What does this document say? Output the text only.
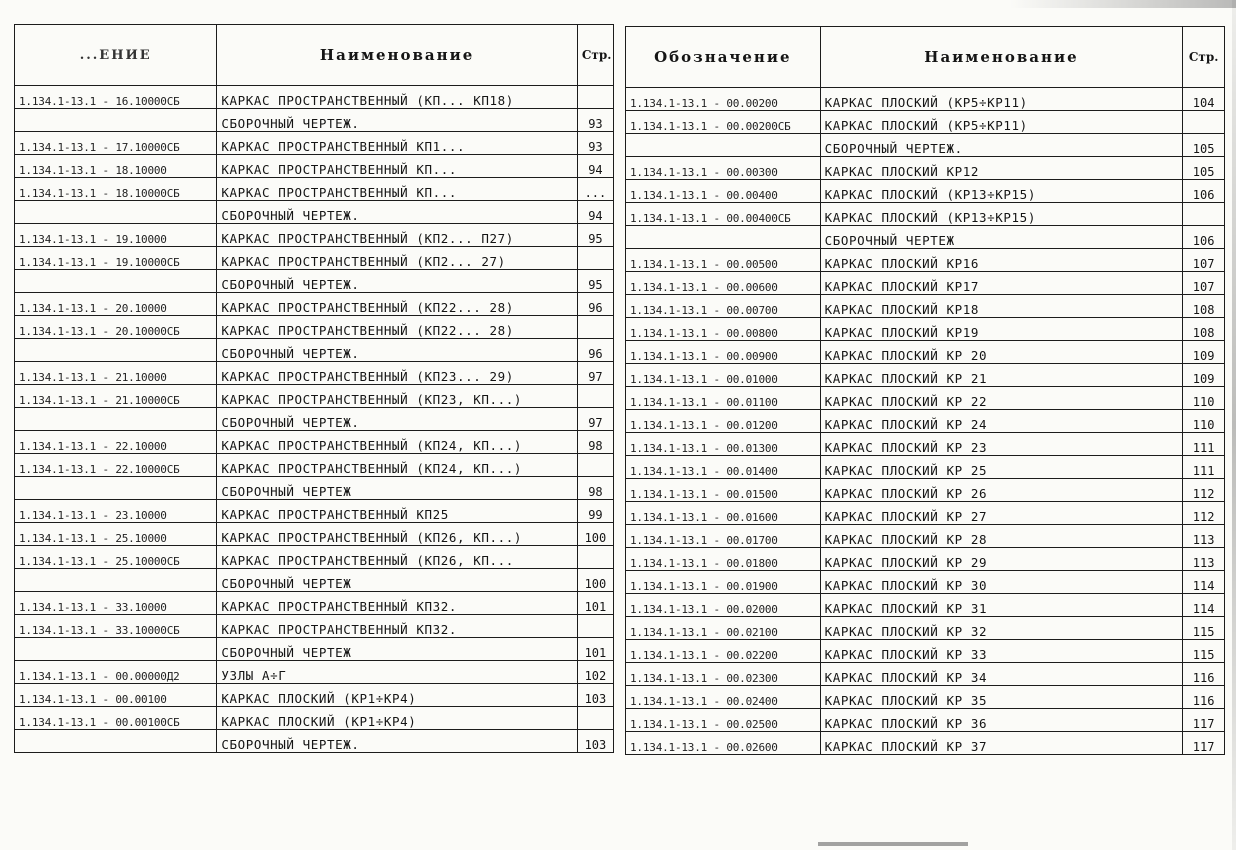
...ЕНИЕ	Наименование	Стр.
1.134.1-13.1 - 16.10000СБ	КАРКАС ПРОСТРАНСТВЕННЫЙ (КП... КП18)	
	СБОРОЧНЫЙ ЧЕРТЕЖ.	93
1.134.1-13.1 - 17.10000СБ	КАРКАС ПРОСТРАНСТВЕННЫЙ КП1...	93
1.134.1-13.1 - 18.10000	КАРКАС ПРОСТРАНСТВЕННЫЙ КП...	94
1.134.1-13.1 - 18.10000СБ	КАРКАС ПРОСТРАНСТВЕННЫЙ КП...	...
	СБОРОЧНЫЙ ЧЕРТЕЖ.	94
1.134.1-13.1 - 19.10000	КАРКАС ПРОСТРАНСТВЕННЫЙ (КП2... П27)	95
1.134.1-13.1 - 19.10000СБ	КАРКАС ПРОСТРАНСТВЕННЫЙ (КП2... 27)	
	СБОРОЧНЫЙ ЧЕРТЕЖ.	95
1.134.1-13.1 - 20.10000	КАРКАС ПРОСТРАНСТВЕННЫЙ (КП22... 28)	96
1.134.1-13.1 - 20.10000СБ	КАРКАС ПРОСТРАНСТВЕННЫЙ (КП22... 28)	
	СБОРОЧНЫЙ ЧЕРТЕЖ.	96
1.134.1-13.1 - 21.10000	КАРКАС ПРОСТРАНСТВЕННЫЙ (КП23... 29)	97
1.134.1-13.1 - 21.10000СБ	КАРКАС ПРОСТРАНСТВЕННЫЙ (КП23, КП...)	
	СБОРОЧНЫЙ ЧЕРТЕЖ.	97
1.134.1-13.1 - 22.10000	КАРКАС ПРОСТРАНСТВЕННЫЙ (КП24, КП...)	98
1.134.1-13.1 - 22.10000СБ	КАРКАС ПРОСТРАНСТВЕННЫЙ (КП24, КП...)	
	СБОРОЧНЫЙ ЧЕРТЕЖ	98
1.134.1-13.1 - 23.10000	КАРКАС ПРОСТРАНСТВЕННЫЙ КП25	99
1.134.1-13.1 - 25.10000	КАРКАС ПРОСТРАНСТВЕННЫЙ (КП26, КП...)	100
1.134.1-13.1 - 25.10000СБ	КАРКАС ПРОСТРАНСТВЕННЫЙ (КП26, КП...	
	СБОРОЧНЫЙ ЧЕРТЕЖ	100
1.134.1-13.1 - 33.10000	КАРКАС ПРОСТРАНСТВЕННЫЙ КП32.	101
1.134.1-13.1 - 33.10000СБ	КАРКАС ПРОСТРАНСТВЕННЫЙ КП32.	
	СБОРОЧНЫЙ ЧЕРТЕЖ	101
1.134.1-13.1 - 00.00000Д2	УЗЛЫ А÷Г	102
1.134.1-13.1 - 00.00100	КАРКАС ПЛОСКИЙ (КР1÷КР4)	103
1.134.1-13.1 - 00.00100СБ	КАРКАС ПЛОСКИЙ (КР1÷КР4)	
	СБОРОЧНЫЙ ЧЕРТЕЖ.	103
Обозначение	Наименование	Стр.
1.134.1-13.1 - 00.00200	КАРКАС ПЛОСКИЙ (КР5÷КР11)	104
1.134.1-13.1 - 00.00200СБ	КАРКАС ПЛОСКИЙ (КР5÷КР11)	
	СБОРОЧНЫЙ ЧЕРТЕЖ.	105
1.134.1-13.1 - 00.00300	КАРКАС ПЛОСКИЙ КР12	105
1.134.1-13.1 - 00.00400	КАРКАС ПЛОСКИЙ (КР13÷КР15)	106
1.134.1-13.1 - 00.00400СБ	КАРКАС ПЛОСКИЙ (КР13÷КР15)	
	СБОРОЧНЫЙ ЧЕРТЕЖ	106
1.134.1-13.1 - 00.00500	КАРКАС ПЛОСКИЙ КР16	107
1.134.1-13.1 - 00.00600	КАРКАС ПЛОСКИЙ КР17	107
1.134.1-13.1 - 00.00700	КАРКАС ПЛОСКИЙ КР18	108
1.134.1-13.1 - 00.00800	КАРКАС ПЛОСКИЙ КР19	108
1.134.1-13.1 - 00.00900	КАРКАС ПЛОСКИЙ КР 20	109
1.134.1-13.1 - 00.01000	КАРКАС ПЛОСКИЙ КР 21	109
1.134.1-13.1 - 00.01100	КАРКАС ПЛОСКИЙ КР 22	110
1.134.1-13.1 - 00.01200	КАРКАС ПЛОСКИЙ КР 24	110
1.134.1-13.1 - 00.01300	КАРКАС ПЛОСКИЙ КР 23	111
1.134.1-13.1 - 00.01400	КАРКАС ПЛОСКИЙ КР 25	111
1.134.1-13.1 - 00.01500	КАРКАС ПЛОСКИЙ КР 26	112
1.134.1-13.1 - 00.01600	КАРКАС ПЛОСКИЙ КР 27	112
1.134.1-13.1 - 00.01700	КАРКАС ПЛОСКИЙ КР 28	113
1.134.1-13.1 - 00.01800	КАРКАС ПЛОСКИЙ КР 29	113
1.134.1-13.1 - 00.01900	КАРКАС ПЛОСКИЙ КР 30	114
1.134.1-13.1 - 00.02000	КАРКАС ПЛОСКИЙ КР 31	114
1.134.1-13.1 - 00.02100	КАРКАС ПЛОСКИЙ КР 32	115
1.134.1-13.1 - 00.02200	КАРКАС ПЛОСКИЙ КР 33	115
1.134.1-13.1 - 00.02300	КАРКАС ПЛОСКИЙ КР 34	116
1.134.1-13.1 - 00.02400	КАРКАС ПЛОСКИЙ КР 35	116
1.134.1-13.1 - 00.02500	КАРКАС ПЛОСКИЙ КР 36	117
1.134.1-13.1 - 00.02600	КАРКАС ПЛОСКИЙ КР 37	117
